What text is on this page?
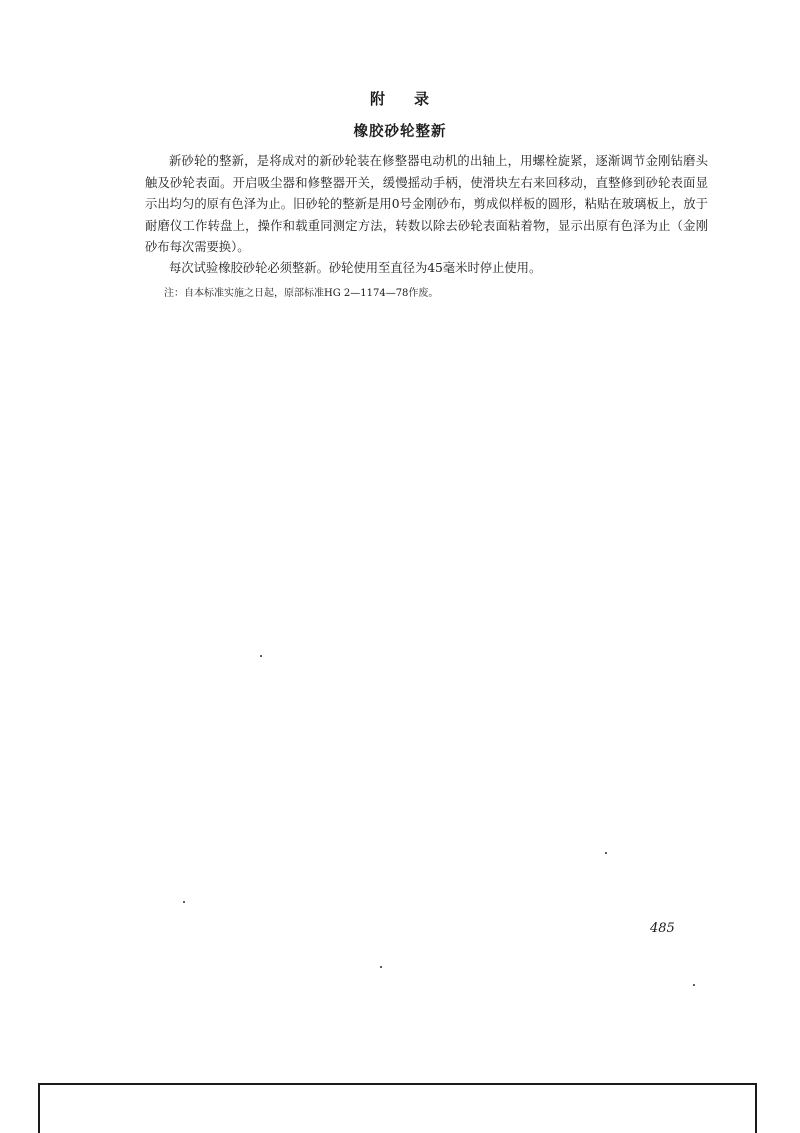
附 录
橡胶砂轮整新

新砂轮的整新，是将成对的新砂轮装在修整器电动机的出轴上，用螺栓旋紧，逐渐调节金刚钻磨头触及砂轮表面。开启吸尘器和修整器开关，缓慢摇动手柄，使滑块左右来回移动，直整修到砂轮表面显示出均匀的原有色泽为止。旧砂轮的整新是用0号金刚砂布，剪成似样板的圆形，粘贴在玻璃板上，放于耐磨仪工作转盘上，操作和载重同测定方法，转数以除去砂轮表面粘着物，显示出原有色泽为止（金刚砂布每次需要换）。

每次试验橡胶砂轮必须整新。砂轮使用至直径为45毫米时停止使用。

注：自本标准实施之日起，原部标准HG 2—1174—78作废。

485
